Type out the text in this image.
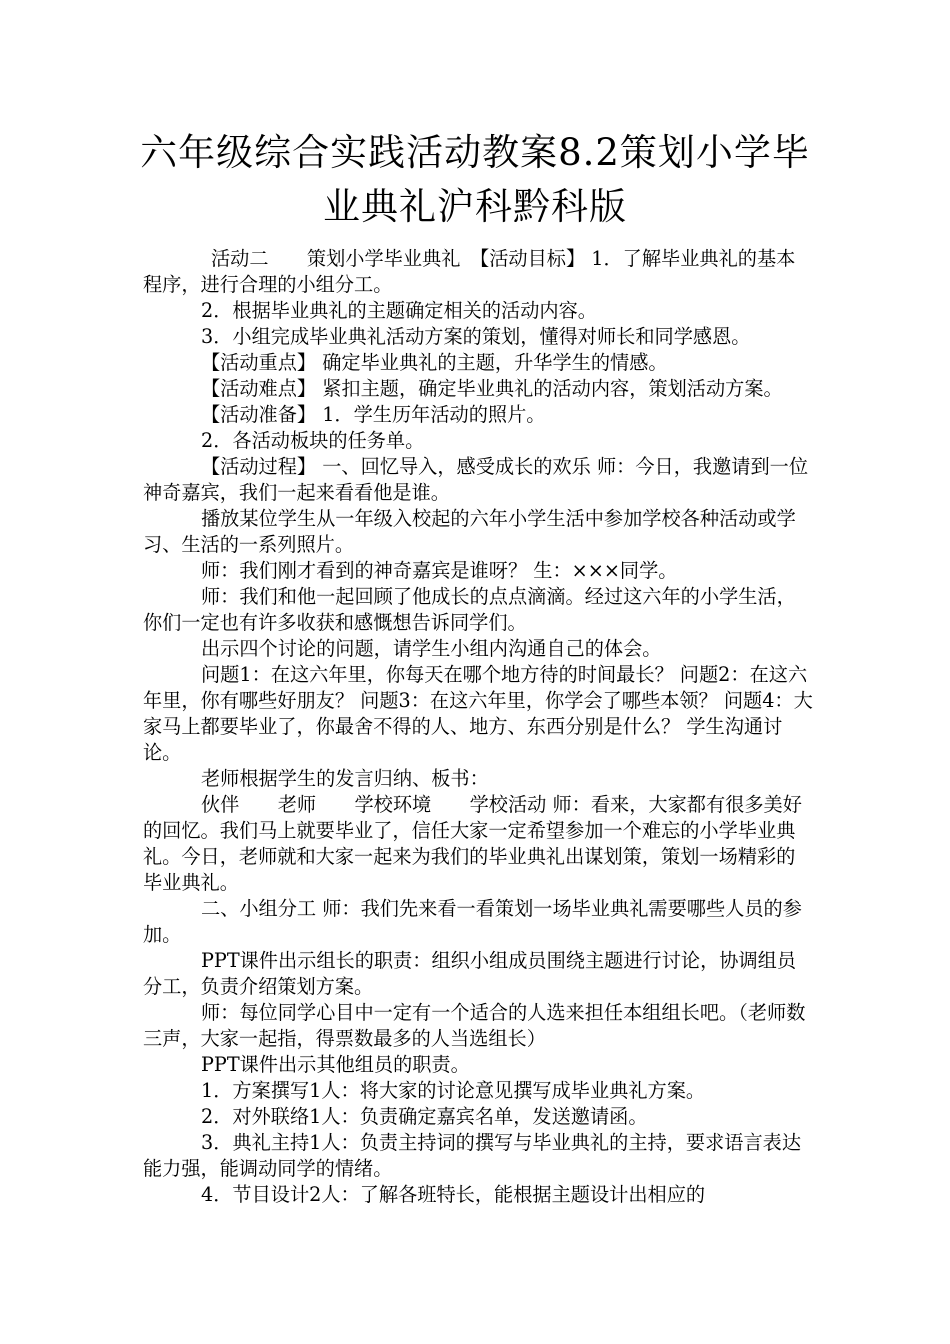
六年级综合实践活动教案8.2策划小学毕
业典礼沪科黔科版

活动二　　策划小学毕业典礼　【活动目标】 1．了解毕业典礼的基本程序，进行合理的小组分工。

2．根据毕业典礼的主题确定相关的活动内容。

3．小组完成毕业典礼活动方案的策划，懂得对师长和同学感恩。

【活动重点】 确定毕业典礼的主题，升华学生的情感。

【活动难点】 紧扣主题，确定毕业典礼的活动内容，策划活动方案。

【活动准备】 1．学生历年活动的照片。

2．各活动板块的任务单。

【活动过程】 一、回忆导入，感受成长的欢乐 师：今日，我邀请到一位神奇嘉宾，我们一起来看看他是谁。

播放某位学生从一年级入校起的六年小学生活中参加学校各种活动或学习、生活的一系列照片。

师：我们刚才看到的神奇嘉宾是谁呀？ 生：×××同学。

师：我们和他一起回顾了他成长的点点滴滴。经过这六年的小学生活，你们一定也有许多收获和感慨想告诉同学们。

出示四个讨论的问题，请学生小组内沟通自己的体会。

问题1：在这六年里，你每天在哪个地方待的时间最长？ 问题2：在这六年里，你有哪些好朋友？ 问题3：在这六年里，你学会了哪些本领？ 问题4：大家马上都要毕业了，你最舍不得的人、地方、东西分别是什么？ 学生沟通讨论。

老师根据学生的发言归纳、板书：

伙伴　　老师　　学校环境　　学校活动 师：看来，大家都有很多美好的回忆。我们马上就要毕业了，信任大家一定希望参加一个难忘的小学毕业典礼。今日，老师就和大家一起来为我们的毕业典礼出谋划策，策划一场精彩的毕业典礼。

二、小组分工 师：我们先来看一看策划一场毕业典礼需要哪些人员的参加。

PPT课件出示组长的职责：组织小组成员围绕主题进行讨论，协调组员分工，负责介绍策划方案。

师：每位同学心目中一定有一个适合的人选来担任本组组长吧。（老师数三声，大家一起指，得票数最多的人当选组长）

PPT课件出示其他组员的职责。

1．方案撰写1人：将大家的讨论意见撰写成毕业典礼方案。

2．对外联络1人：负责确定嘉宾名单，发送邀请函。

3．典礼主持1人：负责主持词的撰写与毕业典礼的主持，要求语言表达能力强，能调动同学的情绪。

4．节目设计2人：了解各班特长，能根据主题设计出相应的
